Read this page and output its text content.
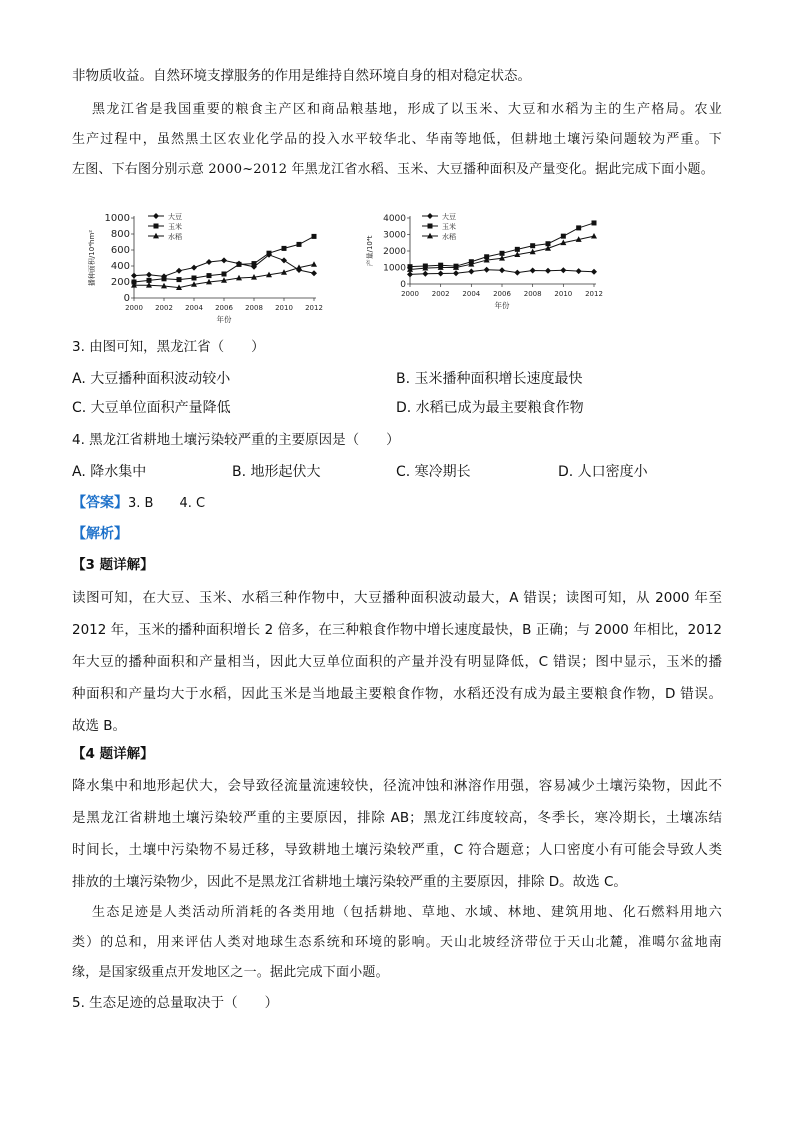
非物质收益。自然环境支撑服务的作用是维持自然环境自身的相对稳定状态。
黑龙江省是我国重要的粮食主产区和商品粮基地，形成了以玉米、大豆和水稻为主的生产格局。农业
生产过程中，虽然黑土区农业化学品的投入水平较华北、华南等地低，但耕地土壤污染问题较为严重。下
左图、下右图分别示意 2000~2012 年黑龙江省水稻、玉米、大豆播种面积及产量变化。据此完成下面小题。
0
200
400
600
800
1000
2000 2002 2004 2006 2008 2010 2012
年份
播种面积/10⁴hm²
大豆
玉米
水稻
0
1000
2000
3000
4000
2000 2002 2004 2006 2008 2010 2012
年份
产量/10⁴t
大豆
玉米
水稻
3. 由图可知，黑龙江省（　　）
A. 大豆播种面积波动较小	B. 玉米播种面积增长速度最快
C. 大豆单位面积产量降低	D. 水稻已成为最主要粮食作物
4. 黑龙江省耕地土壤污染较严重的主要原因是（　　）
A. 降水集中	B. 地形起伏大	C. 寒冷期长	D. 人口密度小
【答案】3. B　　4. C
【解析】
【3 题详解】
读图可知，在大豆、玉米、水稻三种作物中，大豆播种面积波动最大，A 错误；读图可知，从 2000 年至
2012 年，玉米的播种面积增长 2 倍多，在三种粮食作物中增长速度最快，B 正确；与 2000 年相比，2012
年大豆的播种面积和产量相当，因此大豆单位面积的产量并没有明显降低，C 错误；图中显示，玉米的播
种面积和产量均大于水稻，因此玉米是当地最主要粮食作物，水稻还没有成为最主要粮食作物，D 错误。
故选 B。
【4 题详解】
降水集中和地形起伏大，会导致径流量流速较快，径流冲蚀和淋溶作用强，容易减少土壤污染物，因此不
是黑龙江省耕地土壤污染较严重的主要原因，排除 AB；黑龙江纬度较高，冬季长，寒冷期长，土壤冻结
时间长，土壤中污染物不易迁移，导致耕地土壤污染较严重，C 符合题意；人口密度小有可能会导致人类
排放的土壤污染物少，因此不是黑龙江省耕地土壤污染较严重的主要原因，排除 D。故选 C。
生态足迹是人类活动所消耗的各类用地（包括耕地、草地、水域、林地、建筑用地、化石燃料用地六
类）的总和，用来评估人类对地球生态系统和环境的影响。天山北坡经济带位于天山北麓，准噶尔盆地南
缘，是国家级重点开发地区之一。据此完成下面小题。
5. 生态足迹的总量取决于（　　）
